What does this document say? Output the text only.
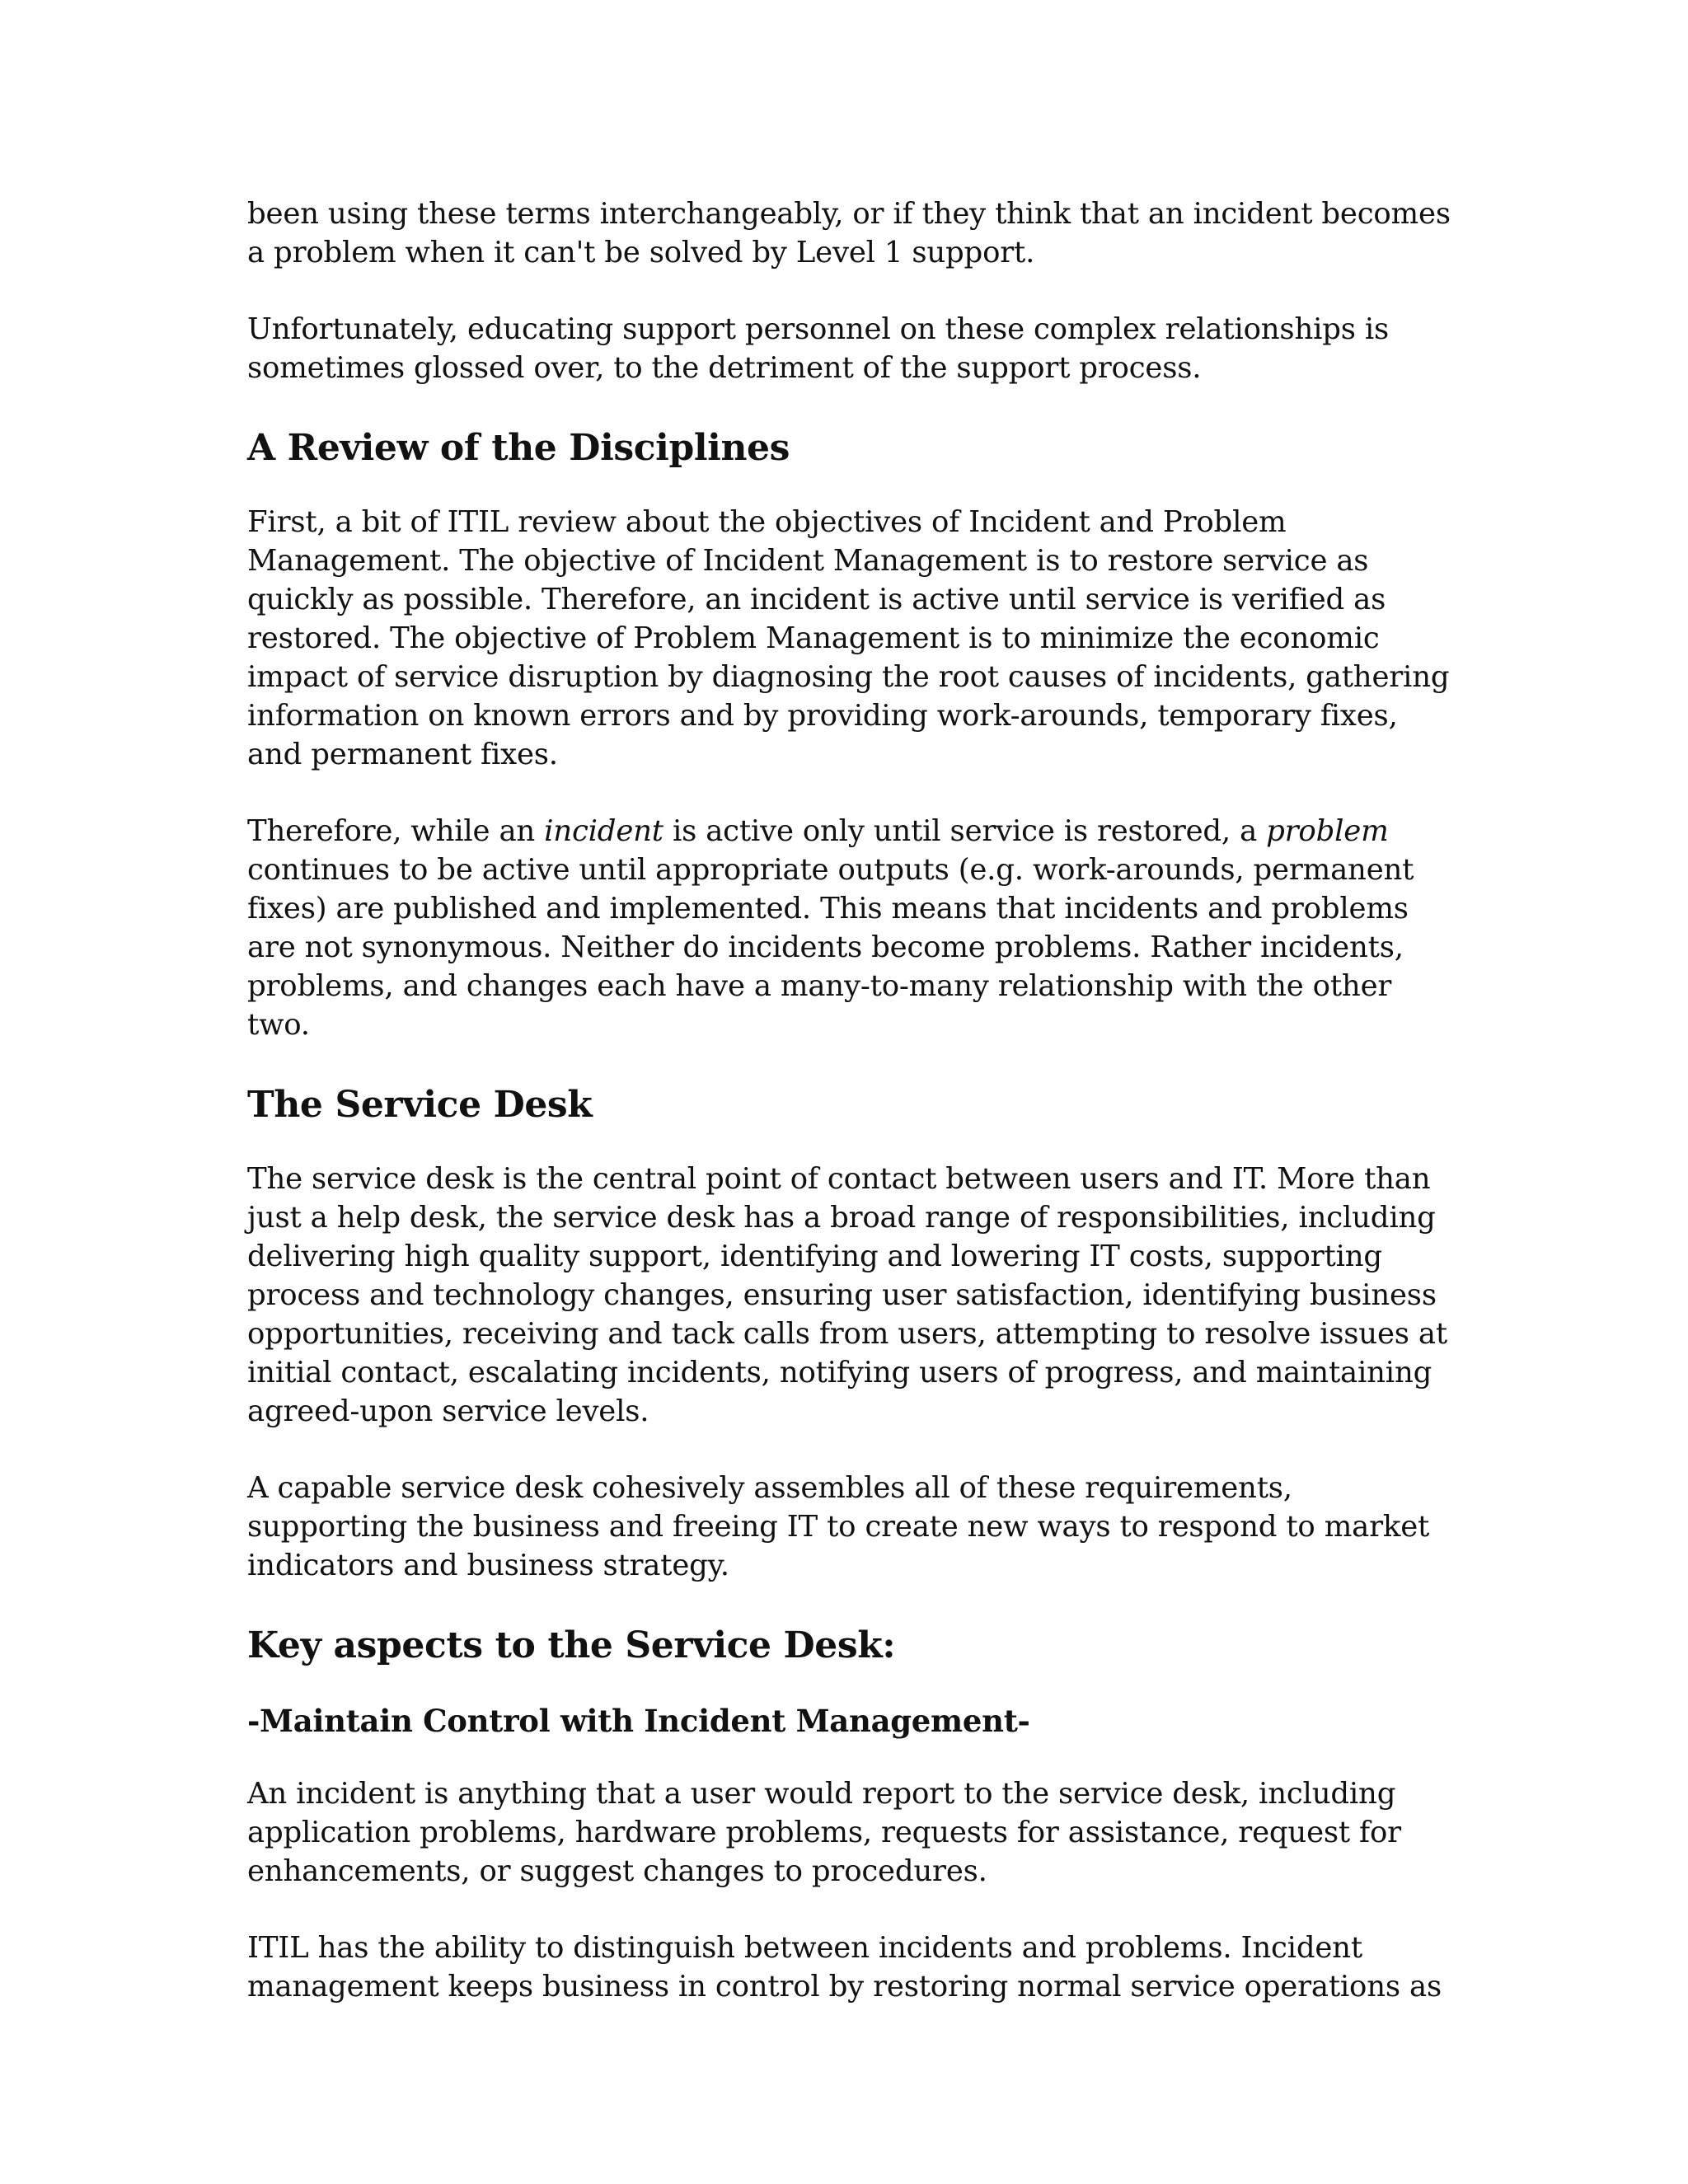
been using these terms interchangeably, or if they think that an incident becomes a problem when it can't be solved by Level 1 support.

Unfortunately, educating support personnel on these complex relationships is sometimes glossed over, to the detriment of the support process.

A Review of the Disciplines

First, a bit of ITIL review about the objectives of Incident and Problem Management. The objective of Incident Management is to restore service as quickly as possible. Therefore, an incident is active until service is verified as restored. The objective of Problem Management is to minimize the economic impact of service disruption by diagnosing the root causes of incidents, gathering information on known errors and by providing work-arounds, temporary fixes, and permanent fixes.

Therefore, while an incident is active only until service is restored, a problem continues to be active until appropriate outputs (e.g. work-arounds, permanent fixes) are published and implemented. This means that incidents and problems are not synonymous. Neither do incidents become problems. Rather incidents, problems, and changes each have a many-to-many relationship with the other two.

The Service Desk

The service desk is the central point of contact between users and IT. More than just a help desk, the service desk has a broad range of responsibilities, including delivering high quality support, identifying and lowering IT costs, supporting process and technology changes, ensuring user satisfaction, identifying business opportunities, receiving and tack calls from users, attempting to resolve issues at initial contact, escalating incidents, notifying users of progress, and maintaining agreed-upon service levels.

A capable service desk cohesively assembles all of these requirements, supporting the business and freeing IT to create new ways to respond to market indicators and business strategy.

Key aspects to the Service Desk:
-Maintain Control with Incident Management-

An incident is anything that a user would report to the service desk, including application problems, hardware problems, requests for assistance, request for enhancements, or suggest changes to procedures.

ITIL has the ability to distinguish between incidents and problems. Incident management keeps business in control by restoring normal service operations as
